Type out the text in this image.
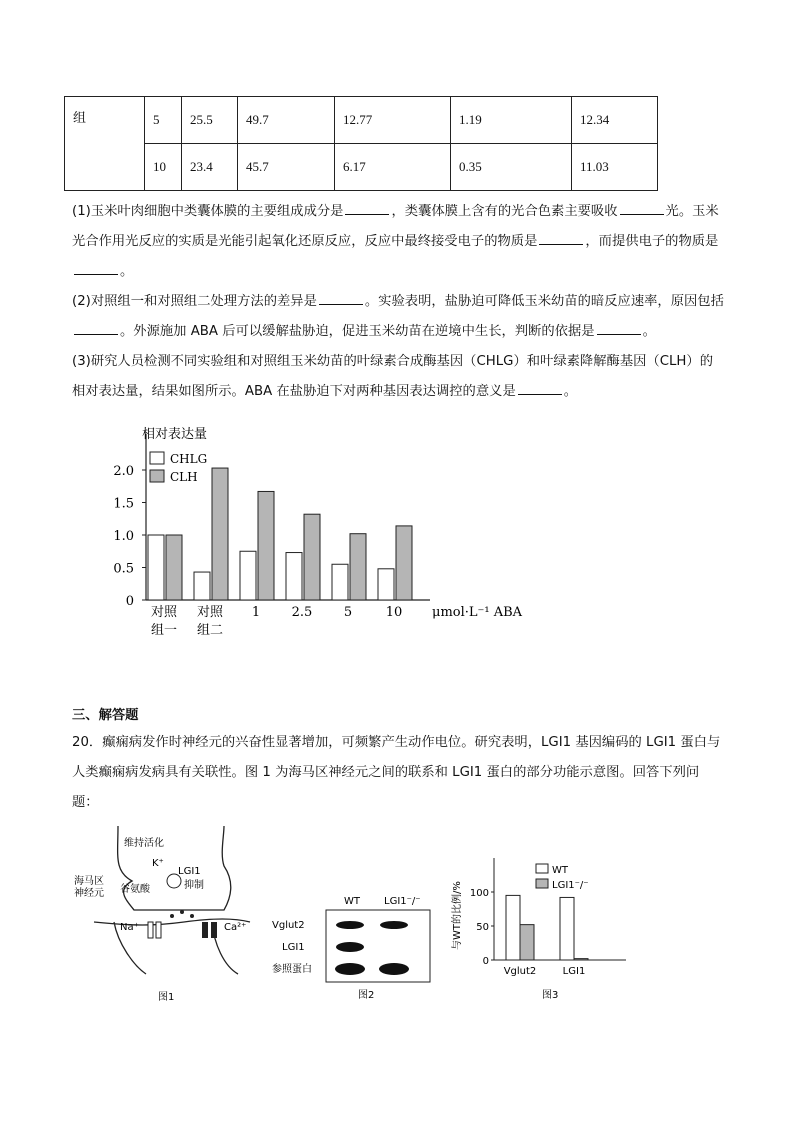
组	5	25.5	49.7	12.77	1.19	12.34
	10	23.4	45.7	6.17	0.35	11.03

(1)玉米叶肉细胞中类囊体膜的主要组成成分是	，类囊体膜上含有的光合色素主要吸收	光。玉米光合作用光反应的实质是光能引起氧化还原反应，反应中最终接受电子的物质是	，而提供电子的物质是。

(2)对照组一和对照组二处理方法的差异是	。实验表明，盐胁迫可降低玉米幼苗的暗反应速率，原因包括。外源施加 ABA 后可以缓解盐胁迫，促进玉米幼苗在逆境中生长，判断的依据是	。

(3)研究人员检测不同实验组和对照组玉米幼苗的叶绿素合成酶基因（CHLG）和叶绿素降解酶基因（CLH）的相对表达量，结果如图所示。ABA 在盐胁迫下对两种基因表达调控的意义是	。

相对表达量
0
0.5
1.0
1.5
2.0
对照
组一
对照
组二
1 2.5 5	10 μmol·L⁻¹ ABA
CHLG
CLH
三、解答题

20．癫痫病发作时神经元的兴奋性显著增加，可频繁产生动作电位。研究表明，LGI1 基因编码的 LGI1 蛋白与人类癫痫病发病具有关联性。图 1 为海马区神经元之间的联系和 LGI1 蛋白的部分功能示意图。回答下列问题：

维持活化
K⁺
LGI1
抑制
谷氨酸
海马区
神经元
Na⁺	Ca²⁺
图1
WT LGI1⁻/⁻
Vglut2
LGI1
参照蛋白
图2
0
50
100
与WT的比例/%
WT
LGI1⁻/⁻
Vglut2	LGI1
图3
